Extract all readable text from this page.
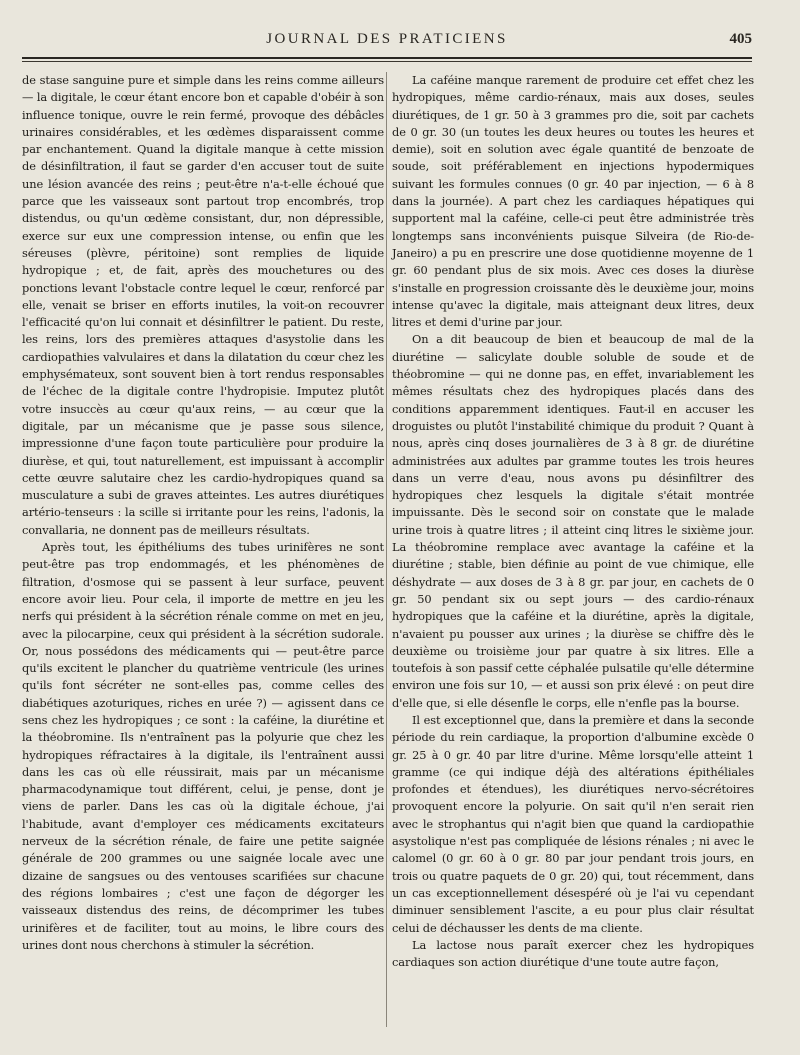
JOURNAL DES PRATICIENS	405

de stase sanguine pure et simple dans les reins comme ailleurs — la digitale, le cœur étant encore bon et capable d'obéir à son influence tonique, ouvre le rein fermé, provoque des débâcles urinaires considérables, et les œdèmes disparaissent comme par enchantement. Quand la digitale manque à cette mission de désinfiltration, il faut se garder d'en accuser tout de suite une lésion avancée des reins ; peut-être n'a-t-elle échoué que parce que les vaisseaux sont partout trop encombrés, trop distendus, ou qu'un œdème consistant, dur, non dépressible, exerce sur eux une compression intense, ou enfin que les séreuses (plèvre, péritoine) sont remplies de liquide hydropique ; et, de fait, après des mouchetures ou des ponctions levant l'obstacle contre lequel le cœur, renforcé par elle, venait se briser en efforts inutiles, la voit-on recouvrer l'efficacité qu'on lui connait et désinfiltrer le patient. Du reste, les reins, lors des premières attaques d'asystolie dans les cardiopathies valvulaires et dans la dilatation du cœur chez les emphysémateux, sont souvent bien à tort rendus responsables de l'échec de la digitale contre l'hydropisie. Imputez plutôt votre insuccès au cœur qu'aux reins, — au cœur que la digitale, par un mécanisme que je passe sous silence, impressionne d'une façon toute particulière pour produire la diurèse, et qui, tout naturellement, est impuissant à accomplir cette œuvre salutaire chez les cardio-hydropiques quand sa musculature a subi de graves atteintes. Les autres diurétiques artério-tenseurs : la scille si irritante pour les reins, l'adonis, la convallaria, ne donnent pas de meilleurs résultats.

Après tout, les épithéliums des tubes urinifères ne sont peut-être pas trop endommagés, et les phénomènes de filtration, d'osmose qui se passent à leur surface, peuvent encore avoir lieu. Pour cela, il importe de mettre en jeu les nerfs qui président à la sécrétion rénale comme on met en jeu, avec la pilocarpine, ceux qui président à la sécrétion sudorale. Or, nous possédons des médicaments qui — peut-être parce qu'ils excitent le plancher du quatrième ventricule (les urines qu'ils font sécréter ne sont-elles pas, comme celles des diabétiques azoturiques, riches en urée ?) — agissent dans ce sens chez les hydropiques ; ce sont : la caféine, la diurétine et la théobromine. Ils n'entraînent pas la polyurie que chez les hydropiques réfractaires à la digitale, ils l'entraînent aussi dans les cas où elle réussirait, mais par un mécanisme pharmacodynamique tout différent, celui, je pense, dont je viens de parler. Dans les cas où la digitale échoue, j'ai l'habitude, avant d'employer ces médicaments excitateurs nerveux de la sécrétion rénale, de faire une petite saignée générale de 200 grammes ou une saignée locale avec une dizaine de sangsues ou des ventouses scarifiées sur chacune des régions lombaires ; c'est une façon de dégorger les vaisseaux distendus des reins, de décomprimer les tubes urinifères et de faciliter, tout au moins, le libre cours des urines dont nous cherchons à stimuler la sécrétion.

La caféine manque rarement de produire cet effet chez les hydropiques, même cardio-rénaux, mais aux doses, seules diurétiques, de 1 gr. 50 à 3 grammes pro die, soit par cachets de 0 gr. 30 (un toutes les deux heures ou toutes les heures et demie), soit en solution avec égale quantité de benzoate de soude, soit préférablement en injections hypodermiques suivant les formules connues (0 gr. 40 par injection, — 6 à 8 dans la journée). A part chez les cardiaques hépatiques qui supportent mal la caféine, celle-ci peut être administrée très longtemps sans inconvénients puisque Silveira (de Rio-de-Janeiro) a pu en prescrire une dose quotidienne moyenne de 1 gr. 60 pendant plus de six mois. Avec ces doses la diurèse s'installe en progression croissante dès le deuxième jour, moins intense qu'avec la digitale, mais atteignant deux litres, deux litres et demi d'urine par jour.

On a dit beaucoup de bien et beaucoup de mal de la diurétine — salicylate double soluble de soude et de théobromine — qui ne donne pas, en effet, invariablement les mêmes résultats chez des hydropiques placés dans des conditions apparemment identiques. Faut-il en accuser les droguistes ou plutôt l'instabilité chimique du produit ? Quant à nous, après cinq doses journalières de 3 à 8 gr. de diurétine administrées aux adultes par gramme toutes les trois heures dans un verre d'eau, nous avons pu désinfiltrer des hydropiques chez lesquels la digitale s'était montrée impuissante. Dès le second soir on constate que le malade urine trois à quatre litres ; il atteint cinq litres le sixième jour. La théobromine remplace avec avantage la caféine et la diurétine ; stable, bien définie au point de vue chimique, elle déshydrate — aux doses de 3 à 8 gr. par jour, en cachets de 0 gr. 50 pendant six ou sept jours — des cardio-rénaux hydropiques que la caféine et la diurétine, après la digitale, n'avaient pu pousser aux urines ; la diurèse se chiffre dès le deuxième ou troisième jour par quatre à six litres. Elle a toutefois à son passif cette céphalée pulsatile qu'elle détermine environ une fois sur 10, — et aussi son prix élevé : on peut dire d'elle que, si elle désenfle le corps, elle n'enfle pas la bourse.

Il est exceptionnel que, dans la première et dans la seconde période du rein cardiaque, la proportion d'albumine excède 0 gr. 25 à 0 gr. 40 par litre d'urine. Même lorsqu'elle atteint 1 gramme (ce qui indique déjà des altérations épithéliales profondes et étendues), les diurétiques nervo-sécrétoires provoquent encore la polyurie. On sait qu'il n'en serait rien avec le strophantus qui n'agit bien que quand la cardiopathie asystolique n'est pas compliquée de lésions rénales ; ni avec le calomel (0 gr. 60 à 0 gr. 80 par jour pendant trois jours, en trois ou quatre paquets de 0 gr. 20) qui, tout récemment, dans un cas exceptionnellement désespéré où je l'ai vu cependant diminuer sensiblement l'ascite, a eu pour plus clair résultat celui de déchausser les dents de ma cliente.

La lactose nous paraît exercer chez les hydropiques cardiaques son action diurétique d'une toute autre façon,
